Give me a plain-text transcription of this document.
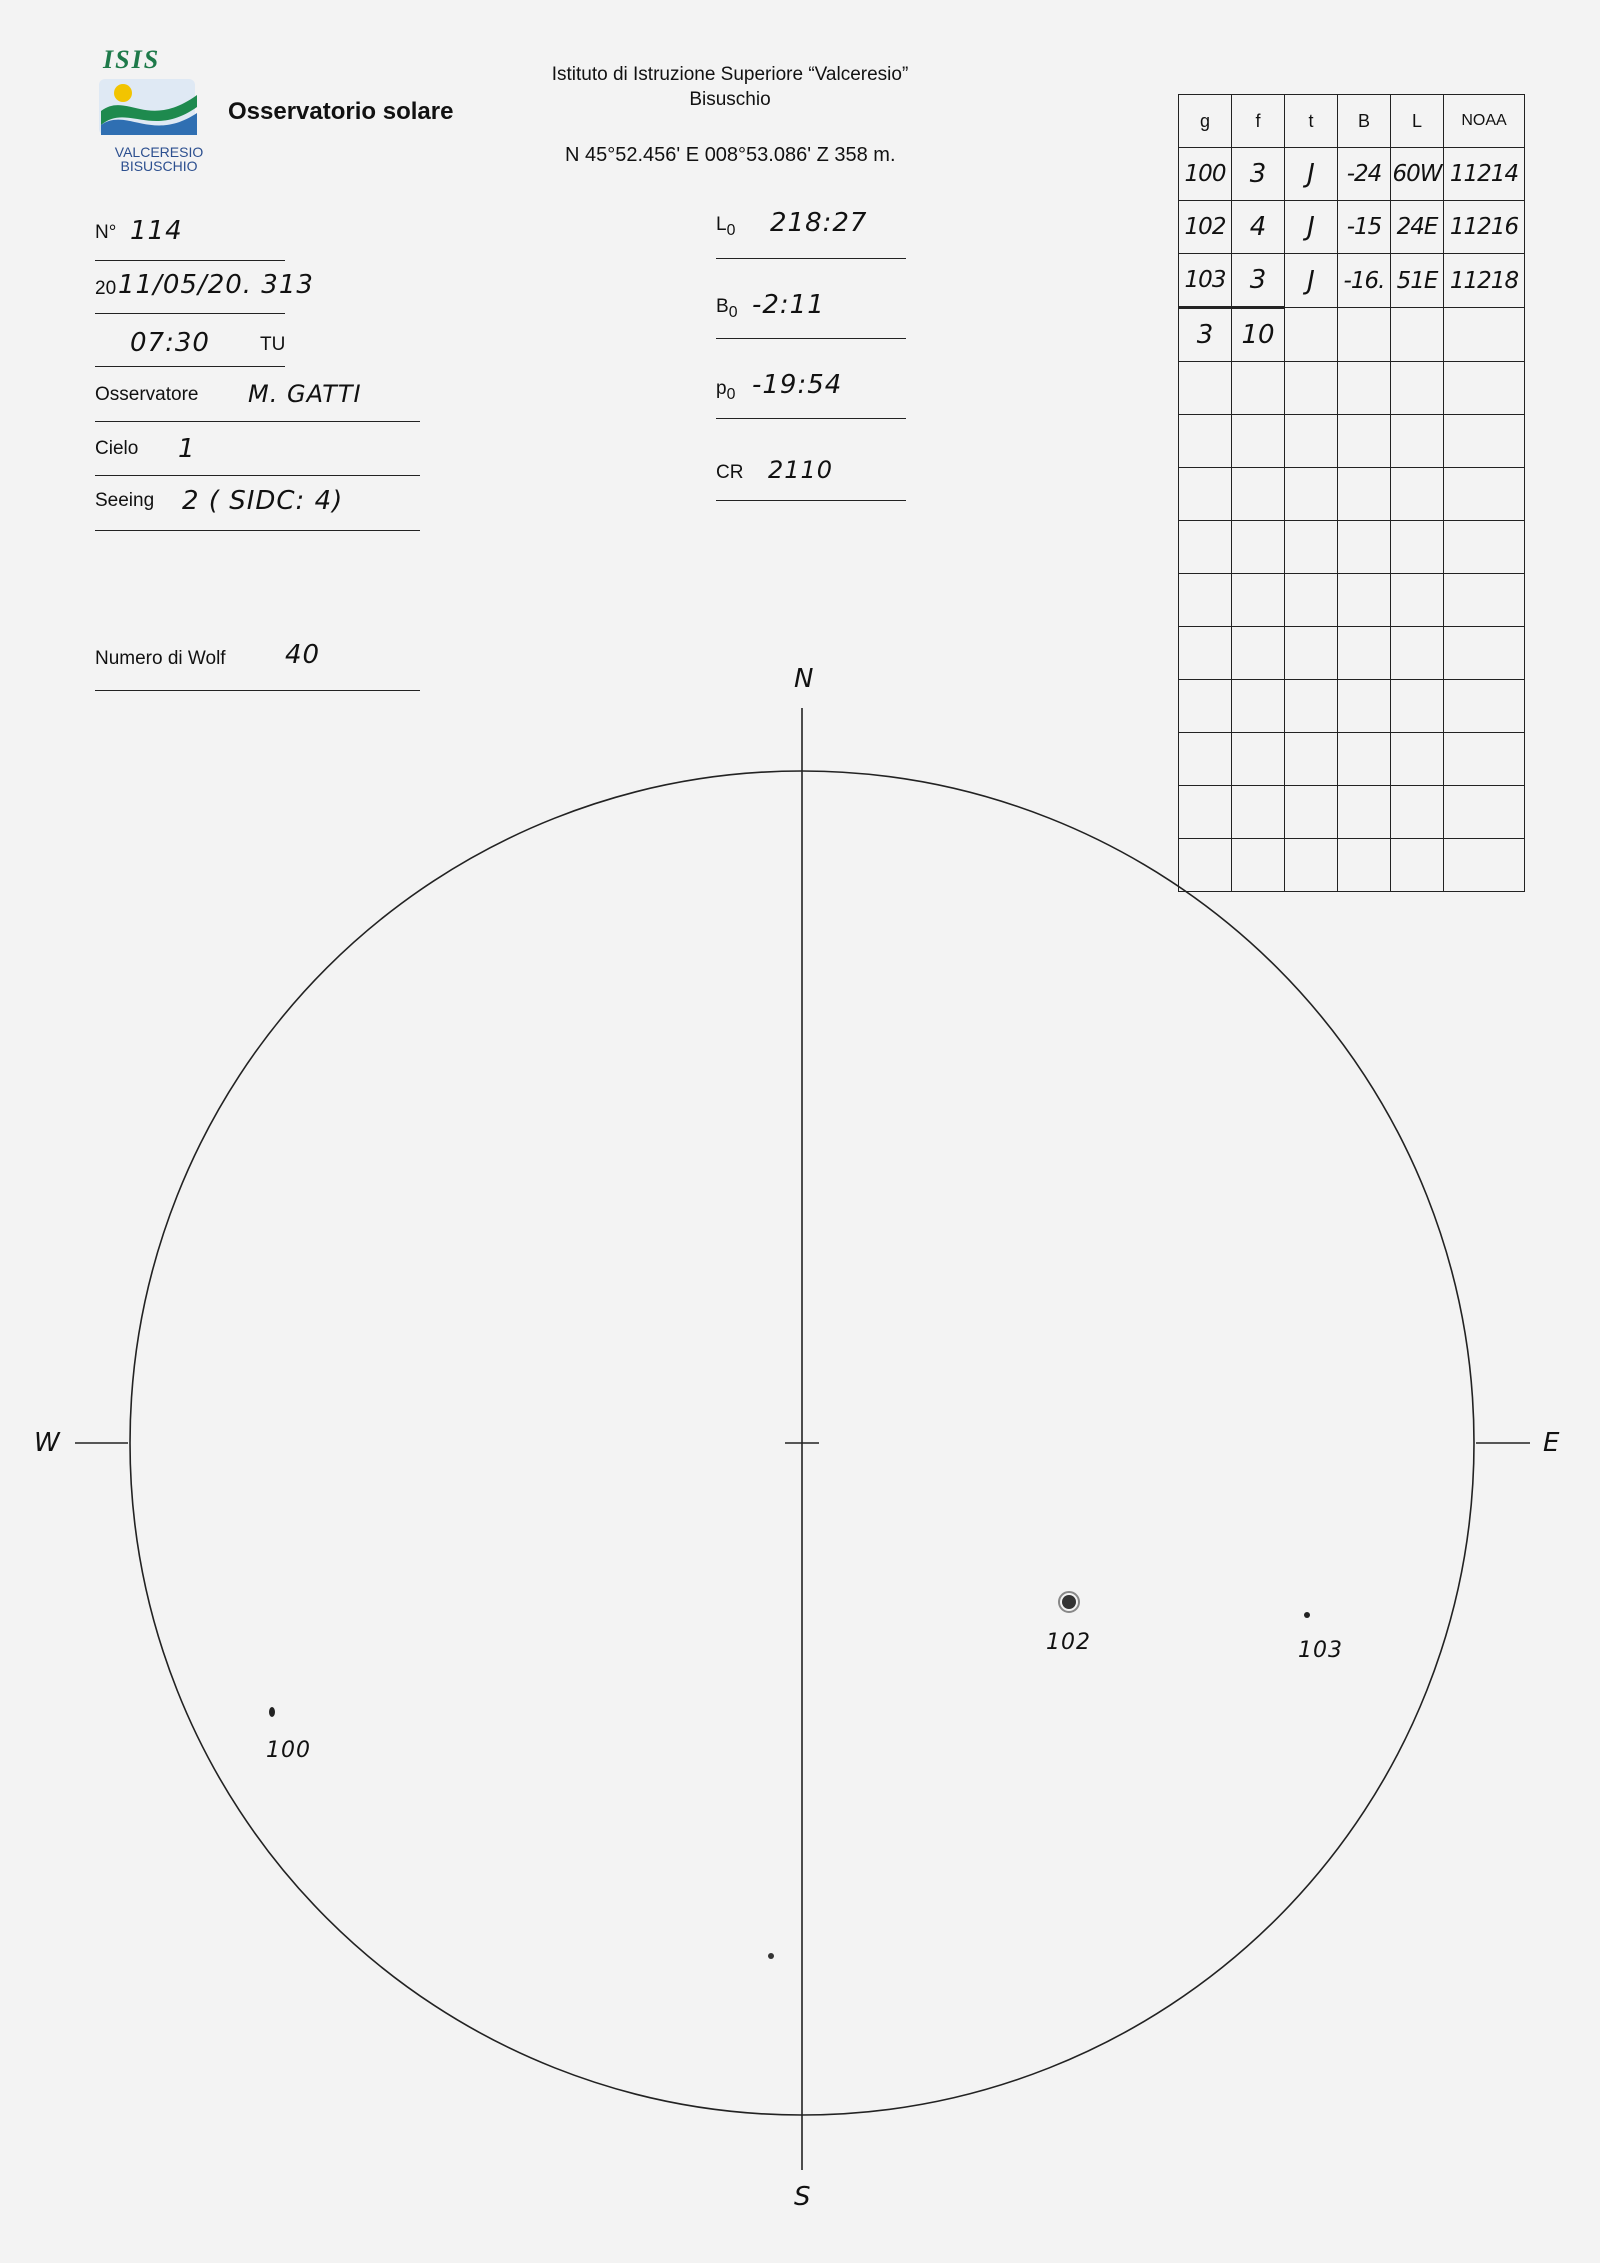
ISIS
VALCERESIO
BISUSCHIO
Osservatorio solare
Istituto di Istruzione Superiore “Valceresio”
Bisuschio
N 45°52.456' E 008°53.086' Z 358 m.
N° 114
20 11/05/20. 313
07:30	TU
Osservatore M. GATTI
Cielo 1
Seeing 2 ( SIDC: 4)
Numero di Wolf 40
$L_0$ 218:27
$B_0$ -2:11
$p_0$ -19:54
CR 2110
g	f	t	B	L	NOAA
100	3	J	-24	60W	11214
102	4	J	-15	24E	11216
103	3	J	-16.	51E	11218
3	10				

N
S
W	E
102	103
100
